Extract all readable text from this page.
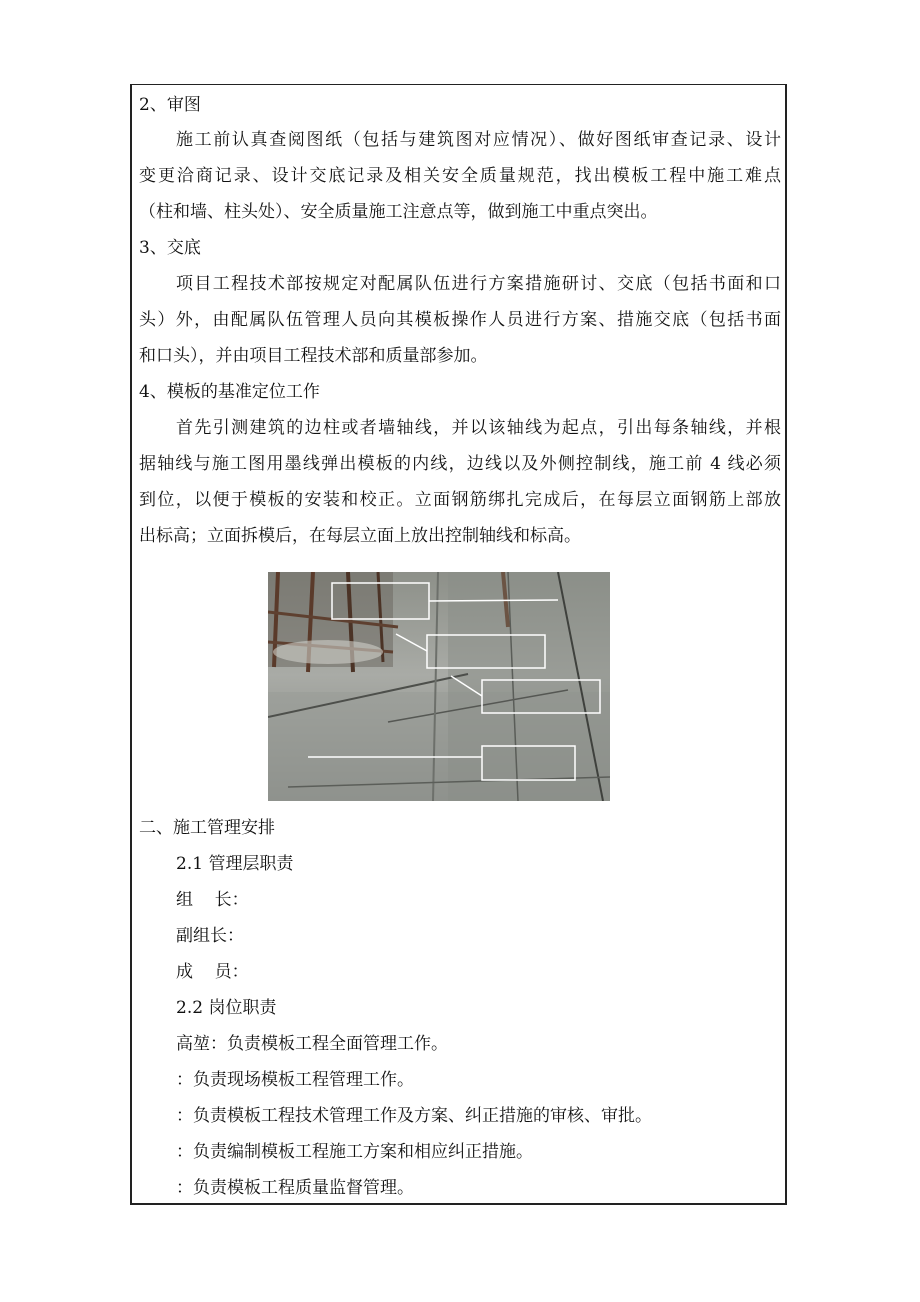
2、审图
施工前认真查阅图纸（包括与建筑图对应情况）、做好图纸审查记录、设计
变更洽商记录、设计交底记录及相关安全质量规范，找出模板工程中施工难点
（柱和墙、柱头处）、安全质量施工注意点等，做到施工中重点突出。
3、交底
项目工程技术部按规定对配属队伍进行方案措施研讨、交底（包括书面和口
头）外，由配属队伍管理人员向其模板操作人员进行方案、措施交底（包括书面
和口头），并由项目工程技术部和质量部参加。
4、模板的基准定位工作
首先引测建筑的边柱或者墙轴线，并以该轴线为起点，引出每条轴线，并根
据轴线与施工图用墨线弹出模板的内线，边线以及外侧控制线，施工前 4 线必须
到位，以便于模板的安装和校正。立面钢筋绑扎完成后，在每层立面钢筋上部放
出标高；立面拆模后，在每层立面上放出控制轴线和标高。
二、施工管理安排
2.1 管理层职责
组    长：
副组长：
成    员：
2.2 岗位职责
高堃：负责模板工程全面管理工作。
：负责现场模板工程管理工作。
：负责模板工程技术管理工作及方案、纠正措施的审核、审批。
：负责编制模板工程施工方案和相应纠正措施。
：负责模板工程质量监督管理。
